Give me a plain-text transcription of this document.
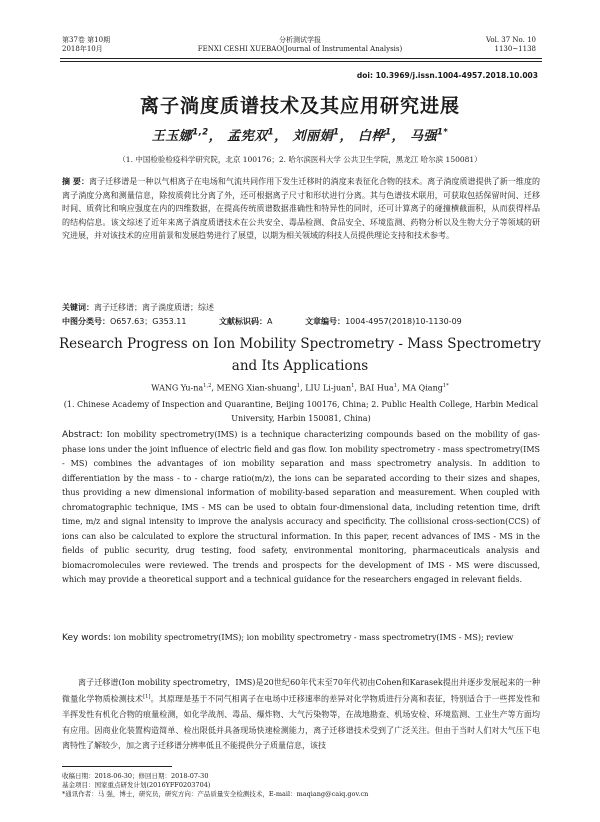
第37卷 第10期
2018年10月
分析测试学报
FENXI CESHI XUEBAO(Journal of Instrumental Analysis)
Vol. 37 No. 10
1130~1138
doi: 10.3969/j.issn.1004-4957.2018.10.003
离子淌度质谱技术及其应用研究进展
王玉娜$^{1,2}$， 孟宪双$^1$， 刘丽娟$^1$， 白桦$^1$， 马强$^{1*}$
（1. 中国检验检疫科学研究院，北京 100176；2. 哈尔滨医科大学 公共卫生学院，黑龙江 哈尔滨 150081）
摘 要：离子迁移谱是一种以气相离子在电场和气流共同作用下发生迁移时的淌度来表征化合物的技术。离子淌度质谱提供了新一维度的离子淌度分离和测量信息，除按质荷比分离了外，还可根据离子尺寸和形状进行分离。其与色谱技术联用，可获取包括保留时间、迁移时间、质荷比和响应强度在内的四维数据，在提高传统质谱数据准确性和特异性的同时，还可计算离子的碰撞横截面积，从而获得样品的结构信息。该文综述了近年来离子淌度质谱技术在公共安全、毒品检测、食品安全、环境监测、药物分析以及生物大分子等领域的研究进展，并对该技术的应用前景和发展趋势进行了展望，以期为相关领域的科技人员提供理论支持和技术参考。
关键词：离子迁移谱；离子淌度质谱；综述
中图分类号：O657.63；G353.11	文献标识码：A	文章编号：1004-4957(2018)10-1130-09
Research Progress on Ion Mobility Spectrometry - Mass Spectrometry
and Its Applications
WANG Yu-na$^{1,2}$, MENG Xian-shuang$^1$, LIU Li-juan$^1$, BAI Hua$^1$, MA Qiang$^{1*}$
(1. Chinese Academy of Inspection and Quarantine, Beijing 100176, China; 2. Public Health College, Harbin Medical University, Harbin 150081, China)
Abstract: Ion mobility spectrometry(IMS) is a technique characterizing compounds based on the mobility of gas-phase ions under the joint influence of electric field and gas flow. Ion mobility spectrometry - mass spectrometry(IMS - MS) combines the advantages of ion mobility separation and mass spectrometry analysis. In addition to differentiation by the mass - to - charge ratio(m/z), the ions can be separated according to their sizes and shapes, thus providing a new dimensional information of mobility-based separation and measurement. When coupled with chromatographic technique, IMS - MS can be used to obtain four-dimensional data, including retention time, drift time, m/z and signal intensity to improve the analysis accuracy and specificity. The collisional cross-section(CCS) of ions can also be calculated to explore the structural information. In this paper, recent advances of IMS - MS in the fields of public security, drug testing, food safety, environmental monitoring, pharmaceuticals analysis and biomacromolecules were reviewed. The trends and prospects for the development of IMS - MS were discussed, which may provide a theoretical support and a technical guidance for the researchers engaged in relevant fields.
Key words: ion mobility spectrometry(IMS); ion mobility spectrometry - mass spectrometry(IMS - MS); review
离子迁移谱(Ion mobility spectrometry，IMS)是20世纪60年代末至70年代初由Cohen和Karasek提出并逐步发展起来的一种微量化学物质检测技术[1]。其原理是基于不同气相离子在电场中迁移速率的差异对化学物质进行分离和表征，特别适合于一些挥发性和半挥发性有机化合物的痕量检测，如化学战剂、毒品、爆炸物、大气污染物等，在战地勘查、机场安检、环境监测、工业生产等方面均有应用。因商业化装置构造简单、检出限低并具备现场快速检测能力，离子迁移谱技术受到了广泛关注。但由于当时人们对大气压下电离特性了解较少，加之离子迁移谱分辨率低且不能提供分子质量信息，该技
收稿日期：2018-06-30；修回日期：2018-07-30
基金项目：国家重点研发计划(2016YFF0203704)
*通讯作者：马 强，博士，研究员，研究方向：产品质量安全检测技术，E-mail：maqiang@caiq.gov.cn
